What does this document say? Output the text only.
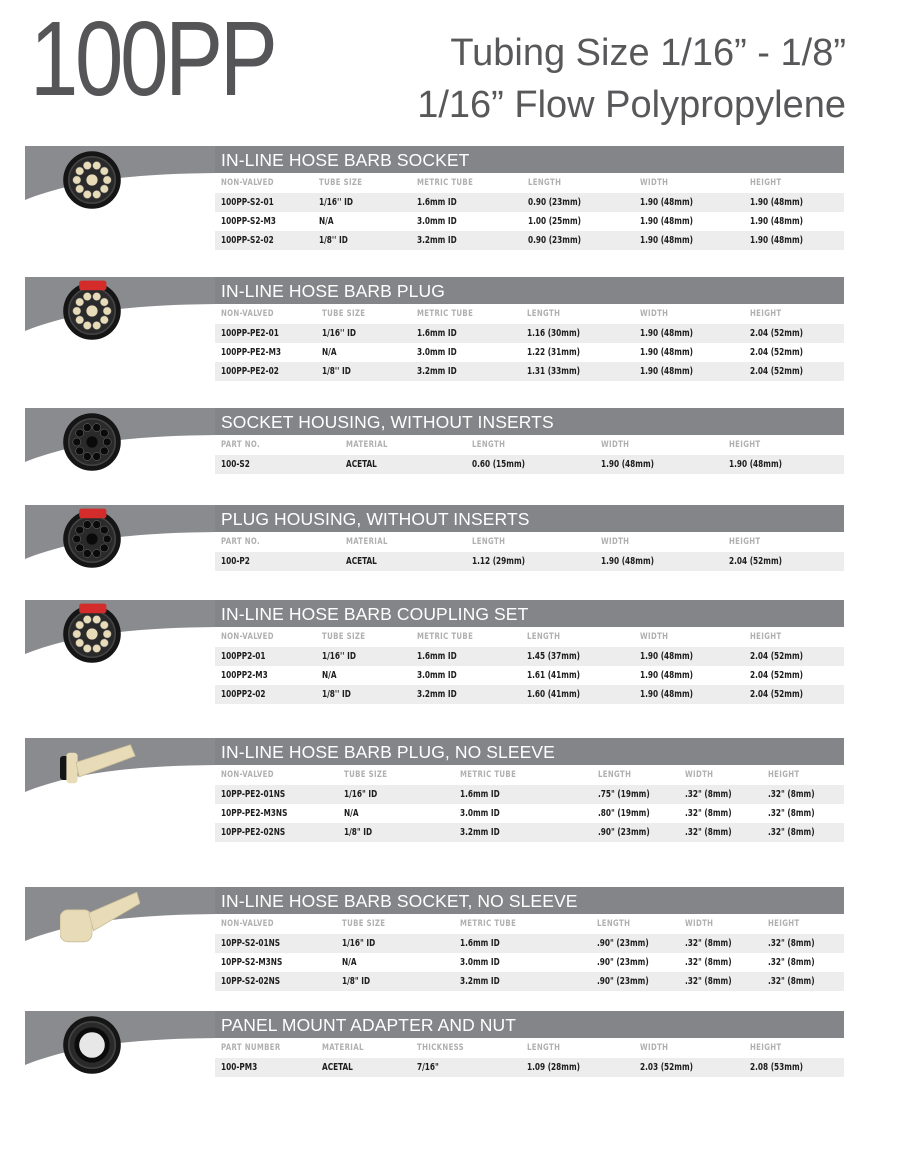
100PP	Tubing Size 1/16” - 1/8”
1/16” Flow Polypropylene
IN-LINE HOSE BARB SOCKET
NON-VALVED	TUBE SIZE	METRIC TUBE	LENGTH	WIDTH	HEIGHT
100PP-S2-01	1/16'' ID	1.6mm ID	0.90 (23mm)	1.90 (48mm)	1.90 (48mm)
100PP-S2-M3	N/A	3.0mm ID	1.00 (25mm)	1.90 (48mm)	1.90 (48mm)
100PP-S2-02	1/8'' ID	3.2mm ID	0.90 (23mm)	1.90 (48mm)	1.90 (48mm)
IN-LINE HOSE BARB PLUG
NON-VALVED	TUBE SIZE	METRIC TUBE	LENGTH	WIDTH	HEIGHT
100PP-PE2-01	1/16'' ID	1.6mm ID	1.16 (30mm)	1.90 (48mm)	2.04 (52mm)
100PP-PE2-M3	N/A	3.0mm ID	1.22 (31mm)	1.90 (48mm)	2.04 (52mm)
100PP-PE2-02	1/8'' ID	3.2mm ID	1.31 (33mm)	1.90 (48mm)	2.04 (52mm)
SOCKET HOUSING, WITHOUT INSERTS
PART NO.	MATERIAL	LENGTH	WIDTH	HEIGHT
100-S2	ACETAL	0.60 (15mm)	1.90 (48mm)	1.90 (48mm)
PLUG HOUSING, WITHOUT INSERTS
PART NO.	MATERIAL	LENGTH	WIDTH	HEIGHT
100-P2	ACETAL	1.12 (29mm)	1.90 (48mm)	2.04 (52mm)
IN-LINE HOSE BARB COUPLING SET
NON-VALVED	TUBE SIZE	METRIC TUBE	LENGTH	WIDTH	HEIGHT
100PP2-01	1/16'' ID	1.6mm ID	1.45 (37mm)	1.90 (48mm)	2.04 (52mm)
100PP2-M3	N/A	3.0mm ID	1.61 (41mm)	1.90 (48mm)	2.04 (52mm)
100PP2-02	1/8'' ID	3.2mm ID	1.60 (41mm)	1.90 (48mm)	2.04 (52mm)
IN-LINE HOSE BARB PLUG, NO SLEEVE
NON-VALVED	TUBE SIZE	METRIC TUBE	LENGTH	WIDTH	HEIGHT
10PP-PE2-01NS	1/16" ID	1.6mm ID	.75" (19mm)	.32" (8mm)	.32" (8mm)
10PP-PE2-M3NS	N/A	3.0mm ID	.80" (19mm)	.32" (8mm)	.32" (8mm)
10PP-PE2-02NS	1/8" ID	3.2mm ID	.90" (23mm)	.32" (8mm)	.32" (8mm)
IN-LINE HOSE BARB SOCKET, NO SLEEVE
NON-VALVED	TUBE SIZE	METRIC TUBE	LENGTH	WIDTH	HEIGHT
10PP-S2-01NS	1/16" ID	1.6mm ID	.90" (23mm)	.32" (8mm)	.32" (8mm)
10PP-S2-M3NS	N/A	3.0mm ID	.90" (23mm)	.32" (8mm)	.32" (8mm)
10PP-S2-02NS	1/8" ID	3.2mm ID	.90" (23mm)	.32" (8mm)	.32" (8mm)
PANEL MOUNT ADAPTER AND NUT
PART NUMBER	MATERIAL	THICKNESS	LENGTH	WIDTH	HEIGHT
100-PM3	ACETAL	7/16"	1.09 (28mm)	2.03 (52mm)	2.08 (53mm)
